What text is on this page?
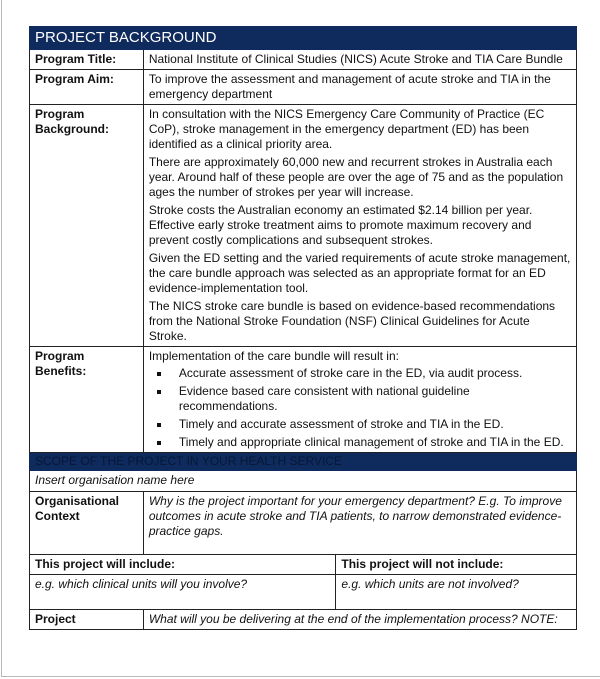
PROJECT BACKGROUND		
Program Title:	National Institute of Clinical Studies (NICS) Acute Stroke and TIA Care Bundle	
Program Aim:	To improve the assessment and management of acute stroke and TIA in the emergency department	
Program Background:	In consultation with the NICS Emergency Care Community of Practice (EC CoP), stroke management in the emergency department (ED) has been identified as a clinical priority area.

There are approximately 60,000 new and recurrent strokes in Australia each year. Around half of these people are over the age of 75 and as the population ages the number of strokes per year will increase.

Stroke costs the Australian economy an estimated $2.14 billion per year. Effective early stroke treatment aims to promote maximum recovery and prevent costly complications and subsequent strokes.

Given the ED setting and the varied requirements of acute stroke management, the care bundle approach was selected as an appropriate format for an ED evidence-implementation tool.

The NICS stroke care bundle is based on evidence-based recommendations from the National Stroke Foundation (NSF) Clinical Guidelines for Acute Stroke.	

Program Benefits:	
Implementation of the care bundle will result in:
Accurate assessment of stroke care in the ED, via audit process.
Evidence based care consistent with national guideline recommendations.
Timely and accurate assessment of stroke and TIA in the ED.
Timely and appropriate clinical management of stroke and TIA in the ED.

SCOPE OF THE PROJECT IN YOUR HEALTH SERVICE		
Insert organisation name here		
Organisational Context	Why is the project important for your emergency department? E.g. To improve outcomes in acute stroke and TIA patients, to narrow demonstrated evidence-practice gaps.	
This project will include:		This project will not include:
e.g. which clinical units will you involve?		e.g. which units are not involved?
Project	What will you be delivering at the end of the implementation process? NOTE:	
